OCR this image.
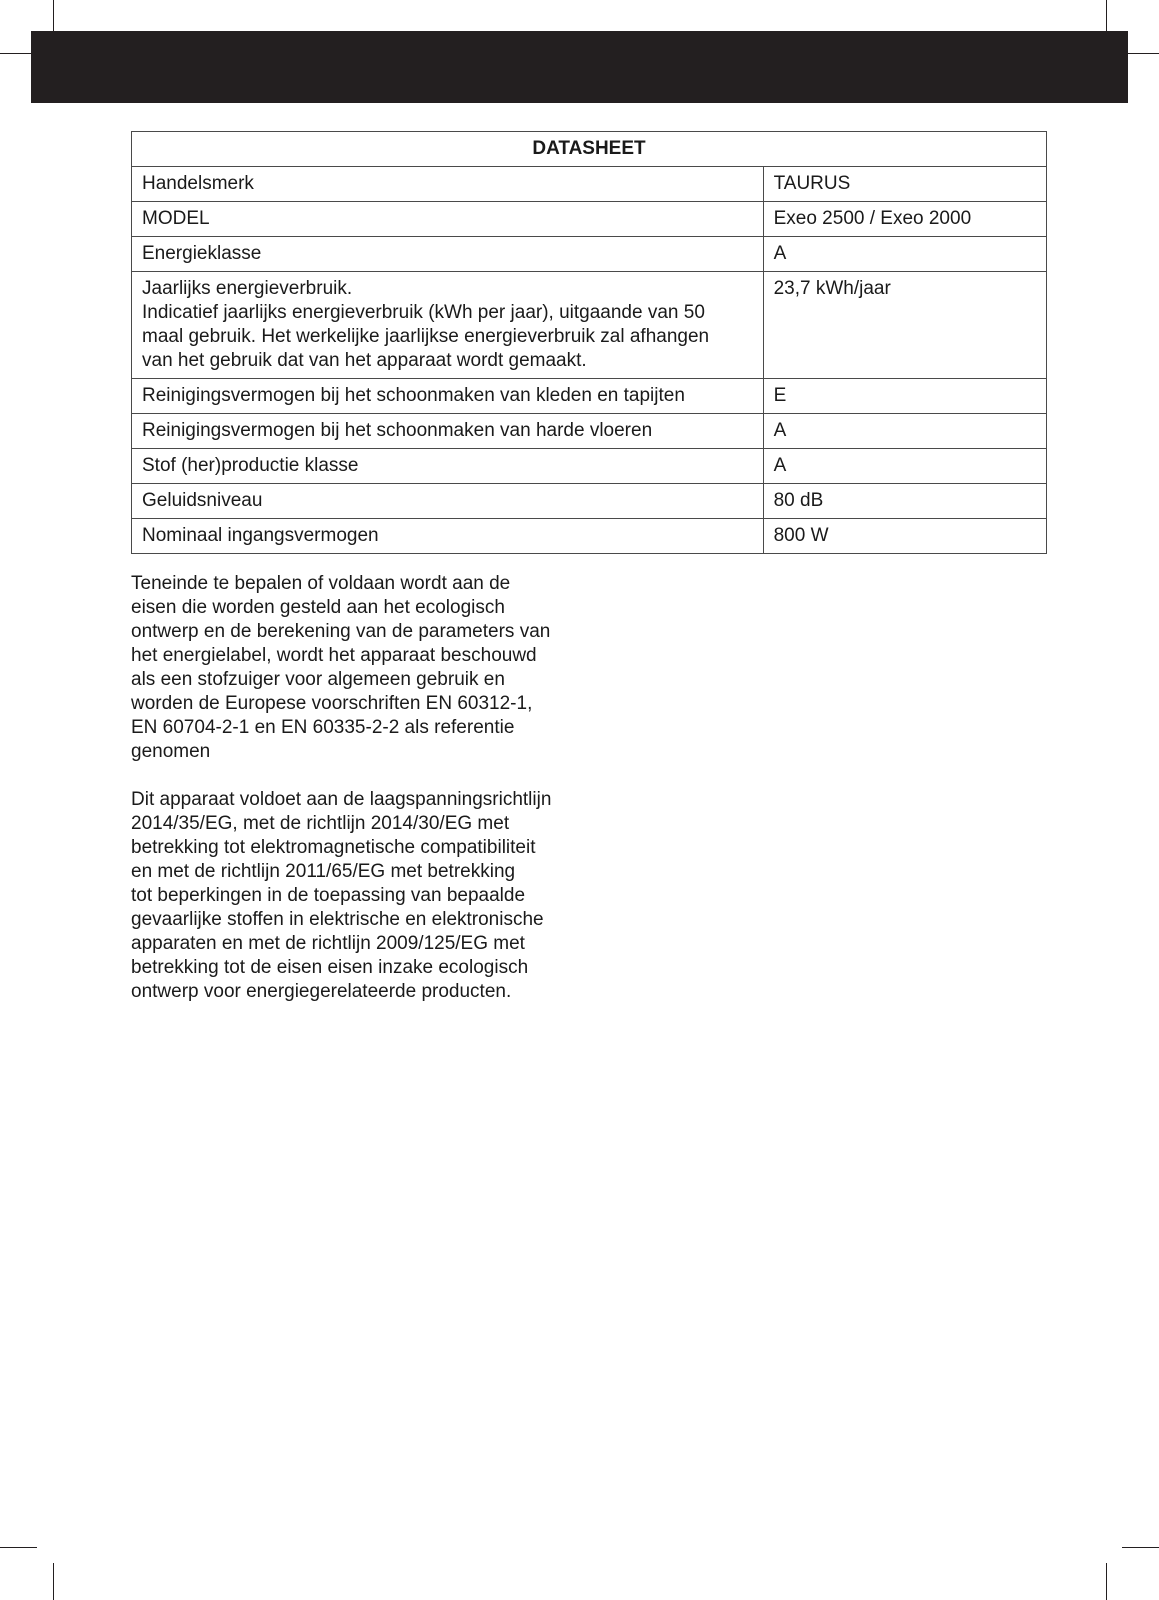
DATASHEET	
Handelsmerk	TAURUS
MODEL	Exeo 2500 / Exeo 2000
Energieklasse	A

Jaarlijks energieverbruik.
Indicatief jaarlijks energieverbruik (kWh per jaar), uitgaande van 50
maal gebruik. Het werkelijke jaarlijkse energieverbruik zal afhangen
van het gebruik dat van het apparaat wordt gemaakt.	23,7 kWh/jaar
Reinigingsvermogen bij het schoonmaken van kleden en tapijten	E
Reinigingsvermogen bij het schoonmaken van harde vloeren	A
Stof (her)productie klasse	A
Geluidsniveau	80 dB
Nominaal ingangsvermogen	800 W
Teneinde te bepalen of voldaan wordt aan de
eisen die worden gesteld aan het ecologisch
ontwerp en de berekening van de parameters van
het energielabel, wordt het apparaat beschouwd
als een stofzuiger voor algemeen gebruik en
worden de Europese voorschriften EN 60312-1,
EN 60704-2-1 en EN 60335-2-2 als referentie
genomen
Dit apparaat voldoet aan de laagspanningsrichtlijn
2014/35/EG, met de richtlijn 2014/30/EG met
betrekking tot elektromagnetische compatibiliteit
en met de richtlijn 2011/65/EG met betrekking
tot beperkingen in de toepassing van bepaalde
gevaarlijke stoffen in elektrische en elektronische
apparaten en met de richtlijn 2009/125/EG met
betrekking tot de eisen eisen inzake ecologisch
ontwerp voor energiegerelateerde producten.
